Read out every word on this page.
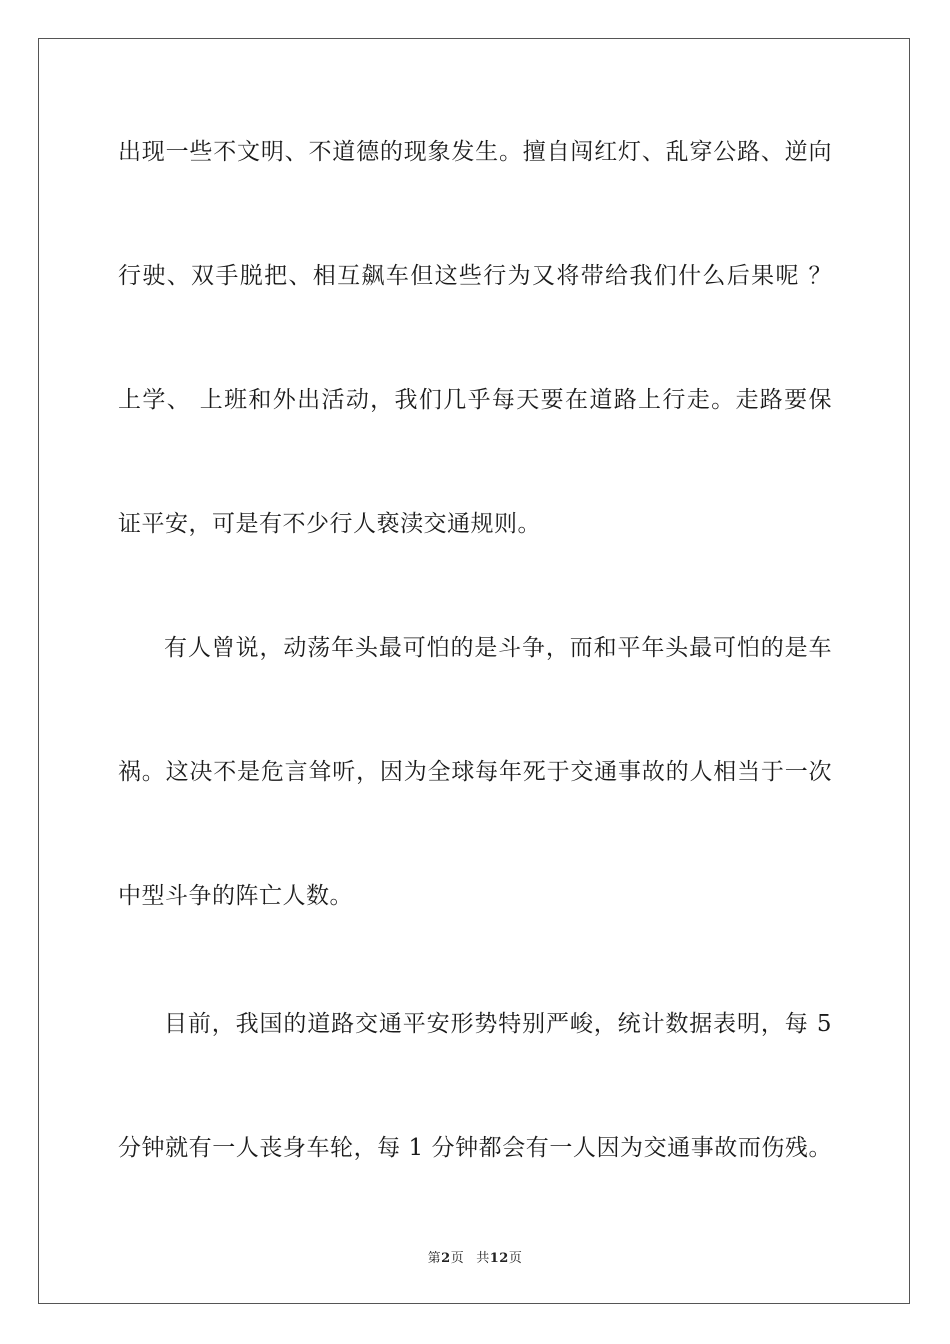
出现一些不文明、不道德的现象发生。擅自闯红灯、乱穿公路、逆向
行驶、双手脱把、相互飙车但这些行为又将带给我们什么后果呢 ？
上学、 上班和外出活动，我们几乎每天要在道路上行走。走路要保
证平安，可是有不少行人亵渎交通规则。
有人曾说，动荡年头最可怕的是斗争，而和平年头最可怕的是车
祸。这决不是危言耸听，因为全球每年死于交通事故的人相当于一次
中型斗争的阵亡人数。
目前，我国的道路交通平安形势特别严峻，统计数据表明，每 5
分钟就有一人丧身车轮，每 1 分钟都会有一人因为交通事故而伤残。
第2页 共12页
